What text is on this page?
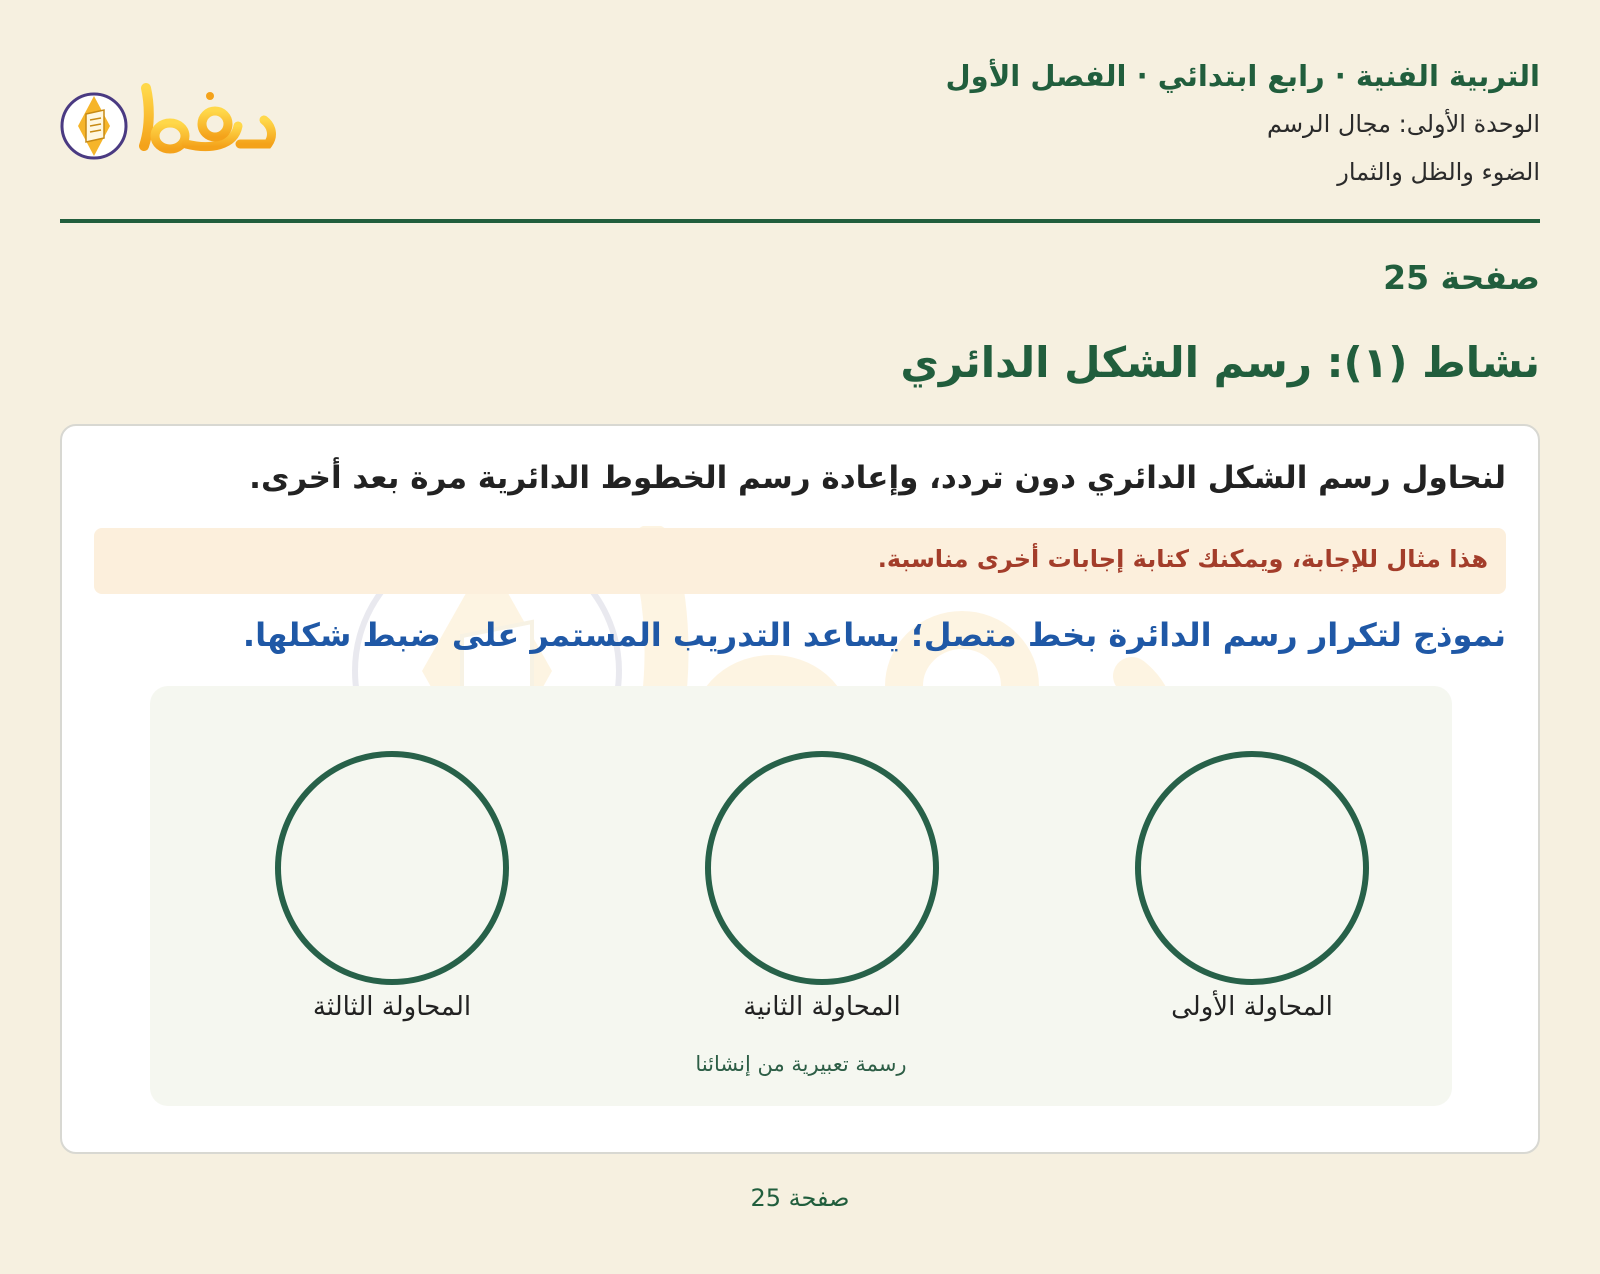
التربية الفنية · رابع ابتدائي · الفصل الأول

الوحدة الأولى: مجال الرسم

الضوء والظل والثمار

صفحة 25
نشاط (١): رسم الشكل الدائري

لنحاول رسم الشكل الدائري دون تردد، وإعادة رسم الخطوط الدائرية مرة بعد أخرى.

هذا مثال للإجابة، ويمكنك كتابة إجابات أخرى مناسبة.

نموذج لتكرار رسم الدائرة بخط متصل؛ يساعد التدريب المستمر على ضبط شكلها.

المحاولة الأولى
المحاولة الثانية
المحاولة الثالثة
رسمة تعبيرية من إنشائنا
صفحة 25
